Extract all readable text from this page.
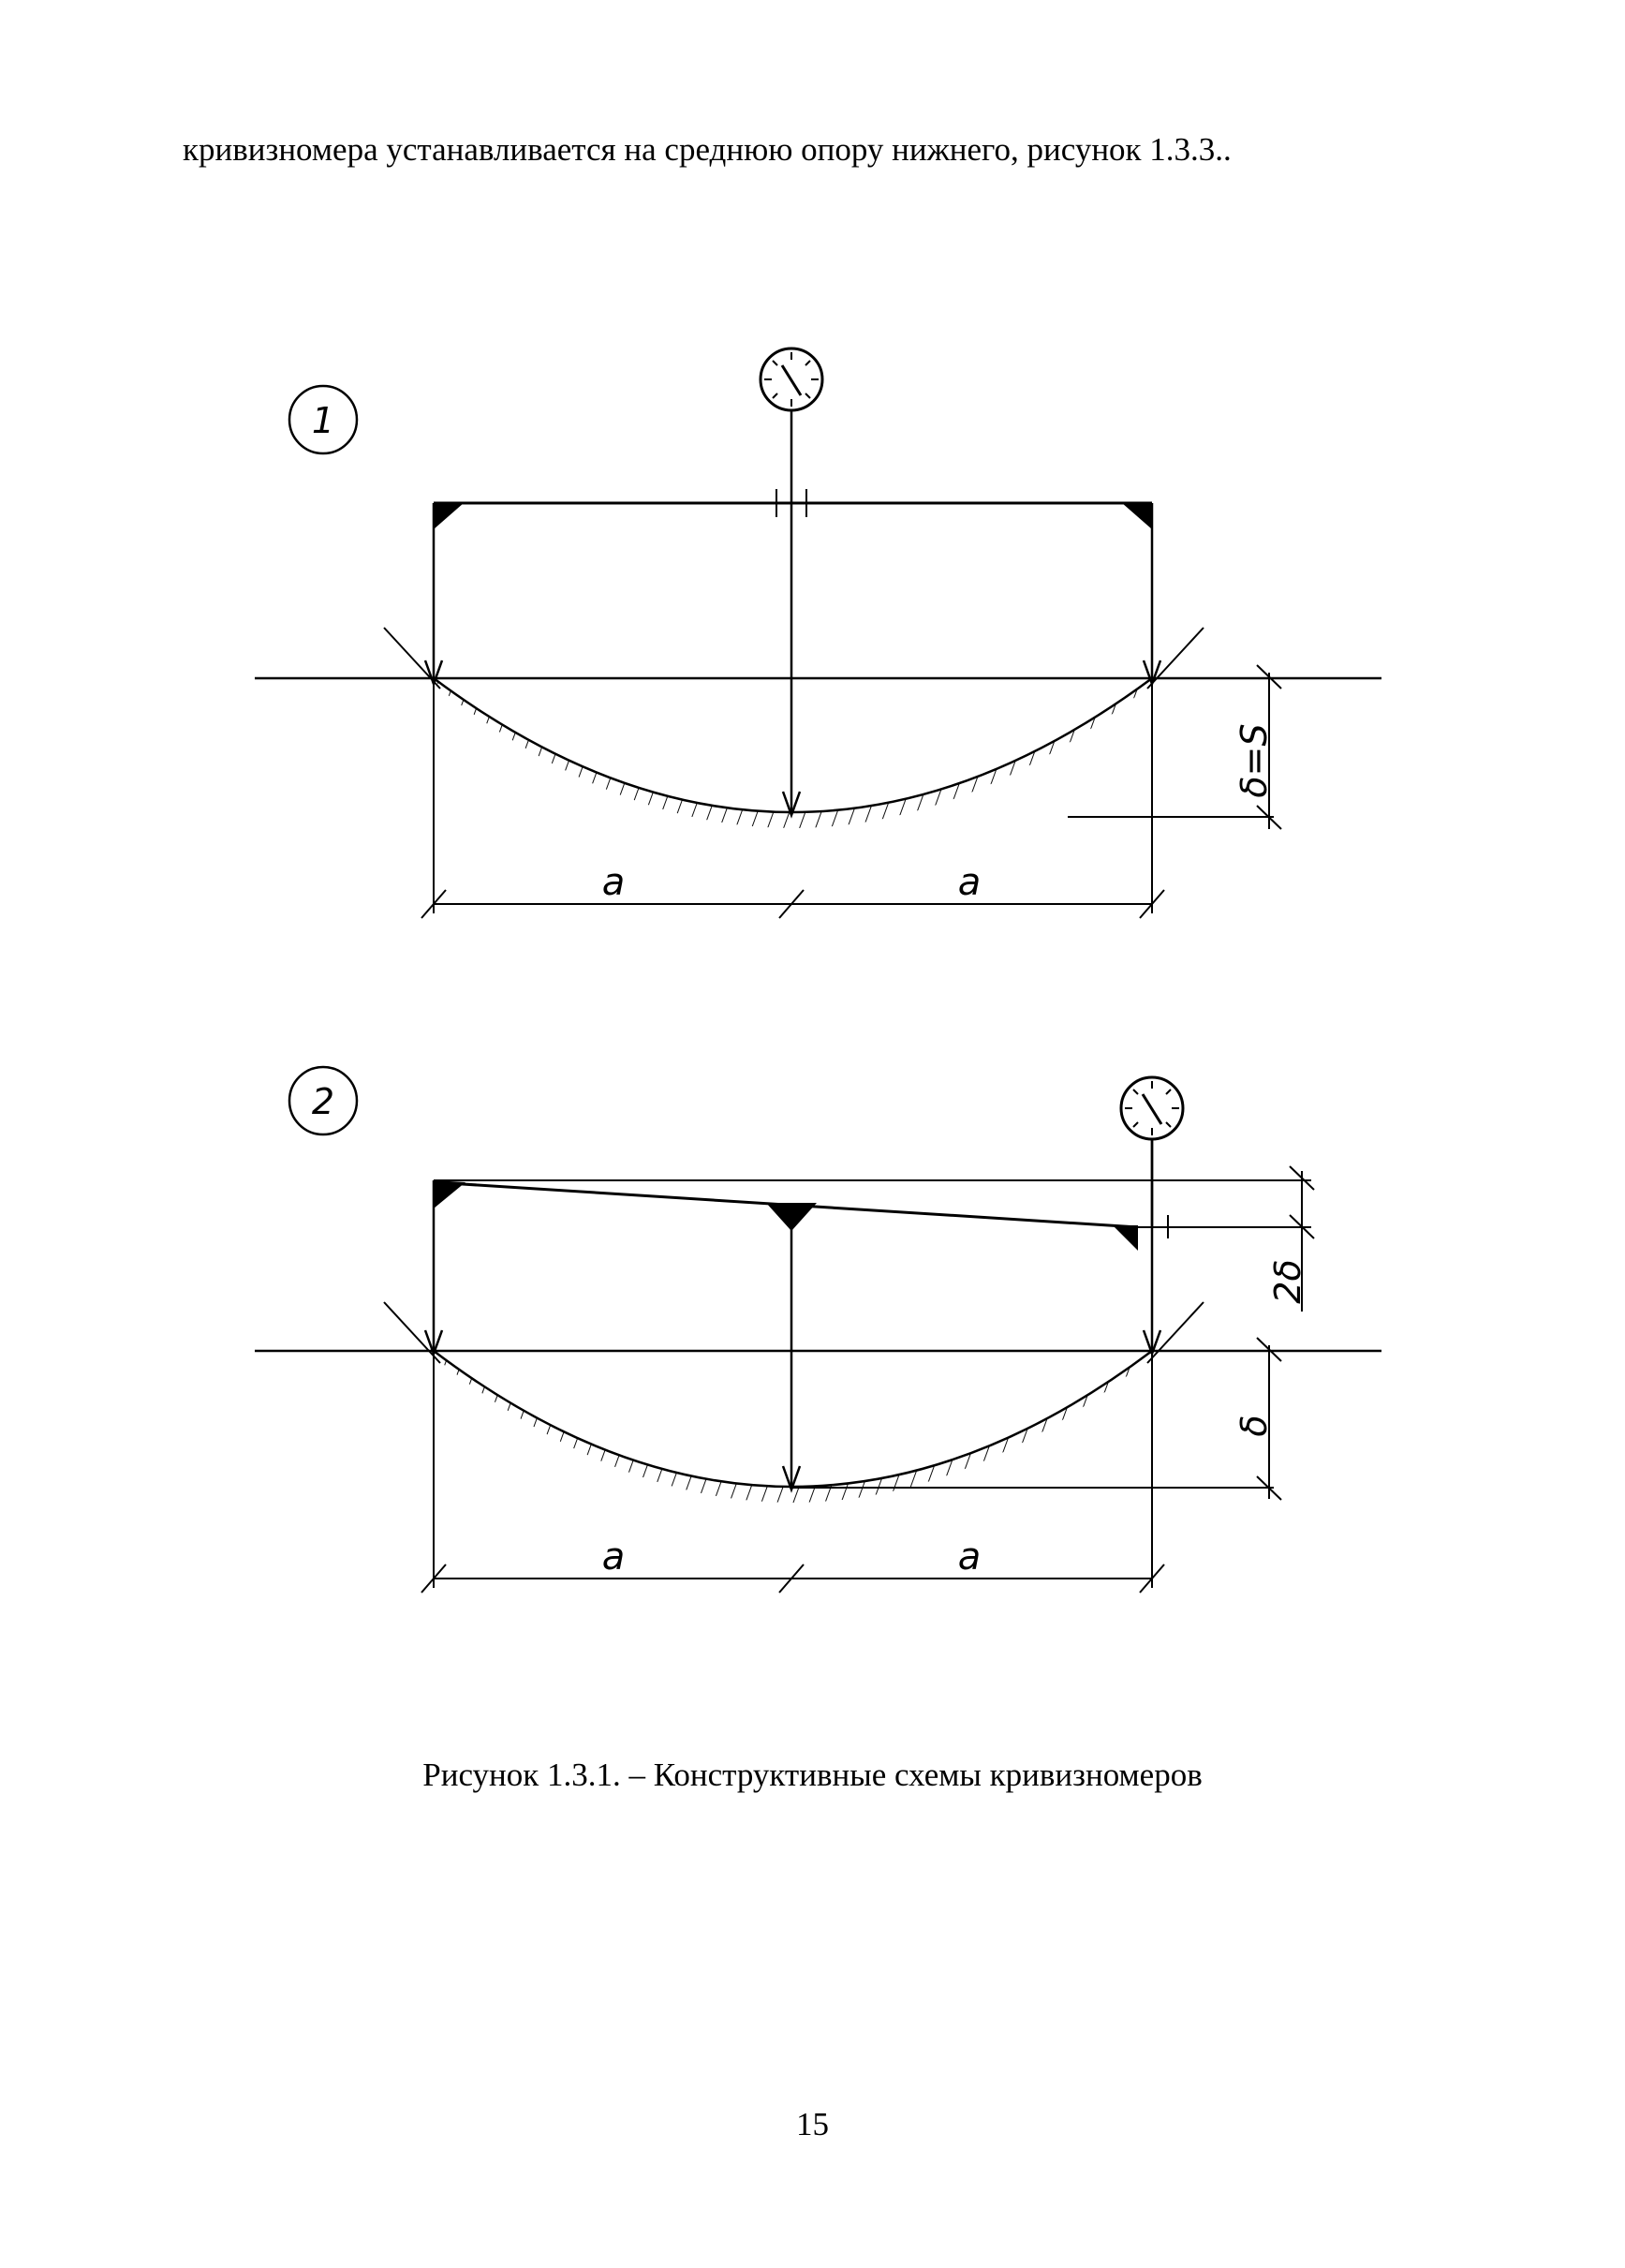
кривизномера устанавливается на среднюю опору нижнего, рисунок 1.3.3..
1
δ=S
a	a
2
2δ
δ
a	a
Рисунок 1.3.1. – Конструктивные схемы кривизномеров
15
